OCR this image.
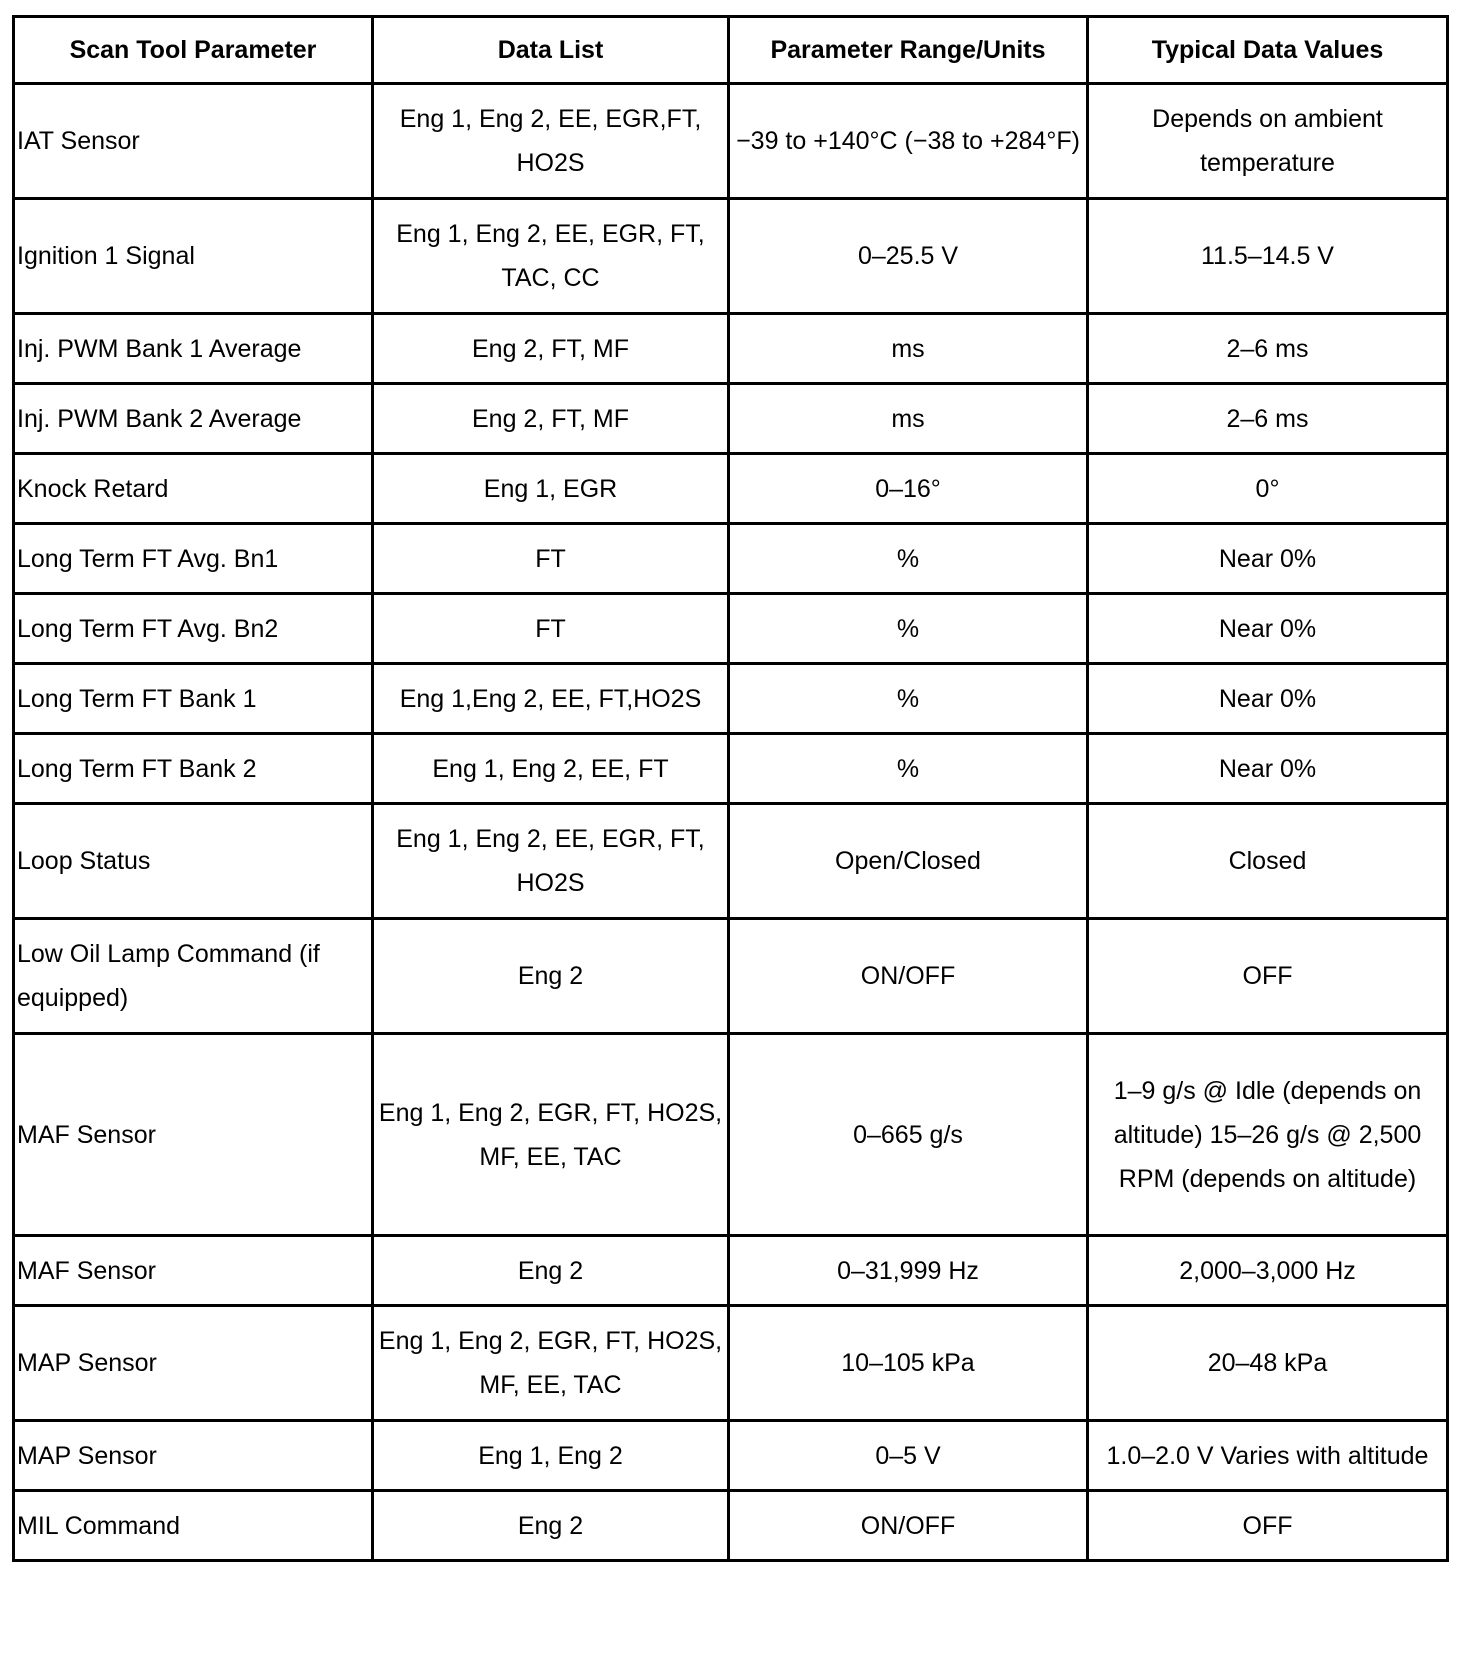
Scan Tool Parameter	Data List	Parameter Range/Units	Typical Data Values
IAT Sensor	Eng 1, Eng 2, EE, EGR,FT, HO2S	−39 to +140°C (−38 to +284°F)	Depends on ambient temperature
Ignition 1 Signal	Eng 1, Eng 2, EE, EGR, FT, TAC, CC	0–25.5 V	11.5–14.5 V
Inj. PWM Bank 1 Average	Eng 2, FT, MF	ms	2–6 ms
Inj. PWM Bank 2 Average	Eng 2, FT, MF	ms	2–6 ms
Knock Retard	Eng 1, EGR	0–16°	0°
Long Term FT Avg. Bn1	FT	%	Near 0%
Long Term FT Avg. Bn2	FT	%	Near 0%
Long Term FT Bank 1	Eng 1,Eng 2, EE, FT,HO2S	%	Near 0%
Long Term FT Bank 2	Eng 1, Eng 2, EE, FT	%	Near 0%
Loop Status	Eng 1, Eng 2, EE, EGR, FT, HO2S	Open/Closed	Closed
Low Oil Lamp Command (if equipped)	Eng 2	ON/OFF	OFF
MAF Sensor	Eng 1, Eng 2, EGR, FT, HO2S, MF, EE, TAC	0–665 g/s	1–9 g/s @ Idle (depends on altitude) 15–26 g/s @ 2,500 RPM (depends on altitude)
MAF Sensor	Eng 2	0–31,999 Hz	2,000–3,000 Hz
MAP Sensor	Eng 1, Eng 2, EGR, FT, HO2S, MF, EE, TAC	10–105 kPa	20–48 kPa
MAP Sensor	Eng 1, Eng 2	0–5 V	1.0–2.0 V Varies with altitude
MIL Command	Eng 2	ON/OFF	OFF
